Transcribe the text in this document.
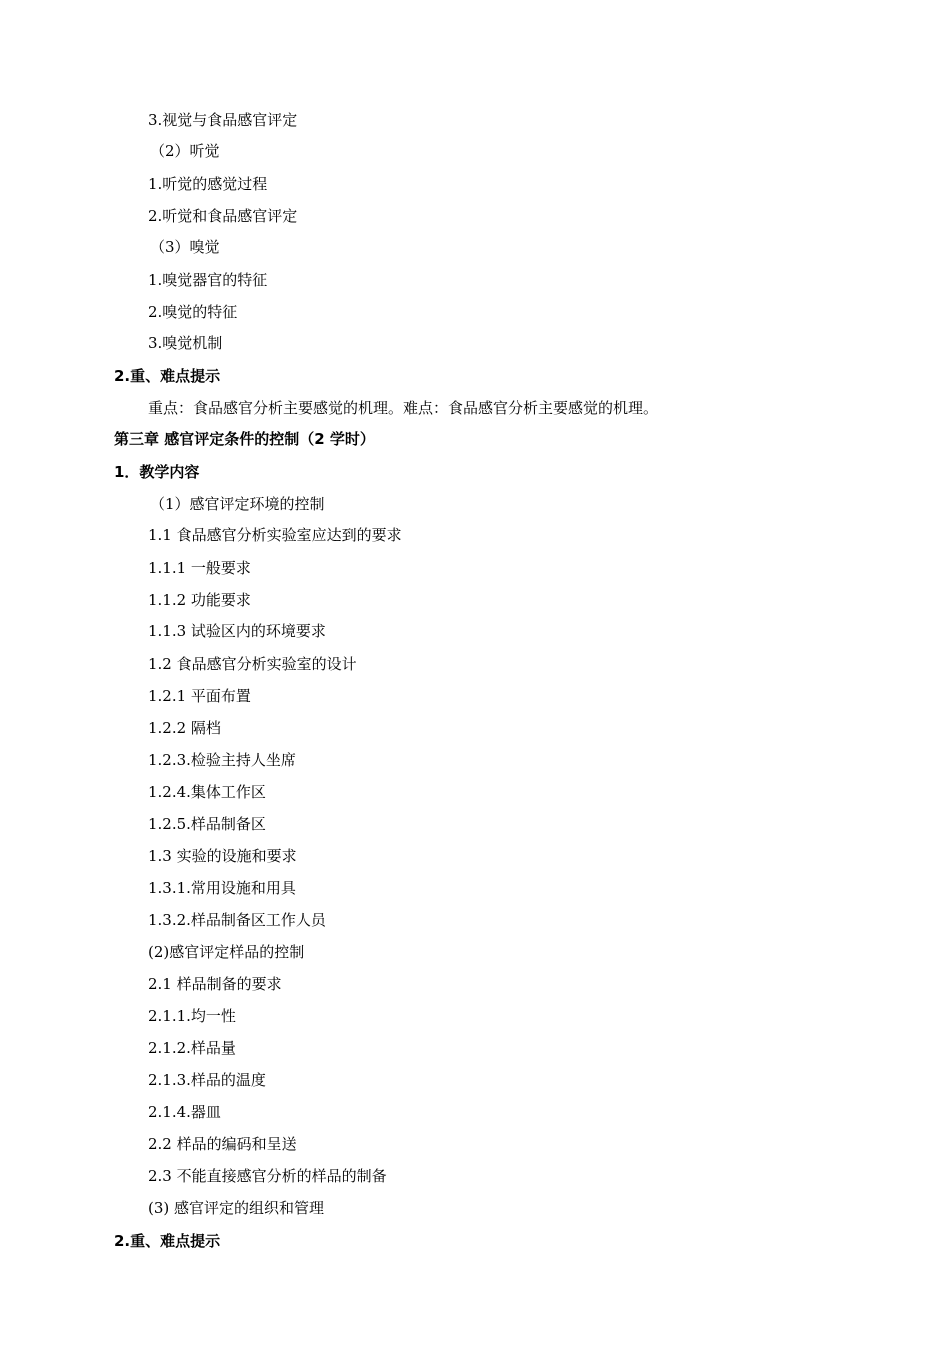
3.视觉与食品感官评定
（2）听觉
1.听觉的感觉过程
2.听觉和食品感官评定
（3）嗅觉
1.嗅觉器官的特征
2.嗅觉的特征
3.嗅觉机制
2.重、难点提示
重点：食品感官分析主要感觉的机理。难点：食品感官分析主要感觉的机理。
第三章 感官评定条件的控制（2 学时）
1．教学内容
（1）感官评定环境的控制
1.1 食品感官分析实验室应达到的要求
1.1.1 一般要求
1.1.2 功能要求
1.1.3 试验区内的环境要求
1.2 食品感官分析实验室的设计
1.2.1 平面布置
1.2.2 隔档
1.2.3.检验主持人坐席
1.2.4.集体工作区
1.2.5.样品制备区
1.3 实验的设施和要求
1.3.1.常用设施和用具
1.3.2.样品制备区工作人员
(2)感官评定样品的控制
2.1 样品制备的要求
2.1.1.均一性
2.1.2.样品量
2.1.3.样品的温度
2.1.4.器皿
2.2 样品的编码和呈送
2.3 不能直接感官分析的样品的制备
(3) 感官评定的组织和管理
2.重、难点提示
